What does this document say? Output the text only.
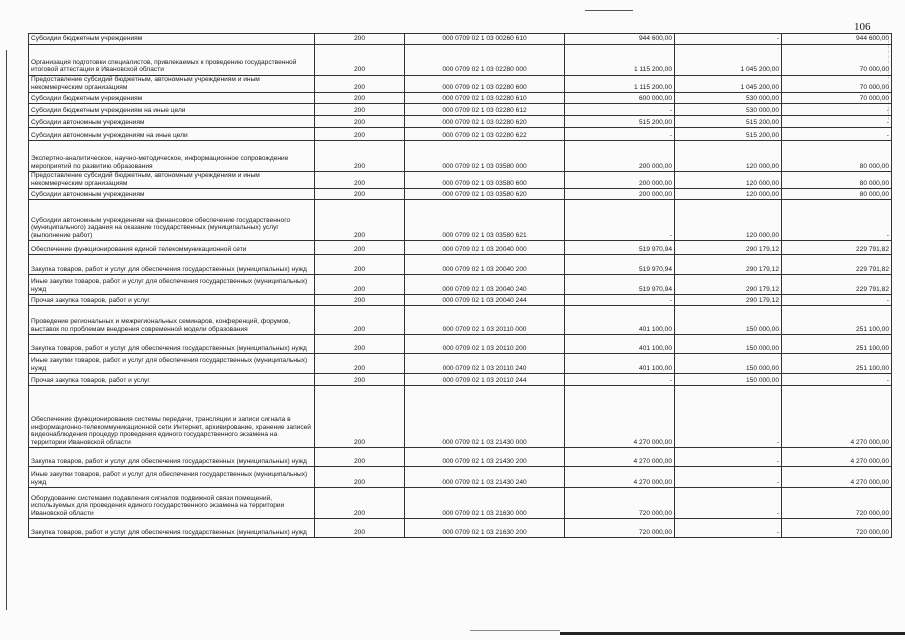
106
Субсидии бюджетным учреждениям	200	000 0709 02 1 03 00260 610	944 600,00	-	944 600,00
Организация подготовки специалистов, привлекаемых к проведению государственной итоговой аттестации в Ивановской области	200	000 0709 02 1 03 02280 000	1 115 200,00	1 045 200,00	70 000,00
Предоставление субсидий бюджетным, автономным учреждениям и иным некоммерческим организациям	200	000 0709 02 1 03 02280 600	1 115 200,00	1 045 200,00	70 000,00
Субсидии бюджетным учреждениям	200	000 0709 02 1 03 02280 610	600 000,00	530 000,00	70 000,00
Субсидии бюджетным учреждениям на иные цели	200	000 0709 02 1 03 02280 612	-	530 000,00	-
Субсидии автономным учреждениям	200	000 0709 02 1 03 02280 620	515 200,00	515 200,00	-
Субсидии автономным учреждениям на иные цели	200	000 0709 02 1 03 02280 622	-	515 200,00	-
Экспертно-аналитическое, научно-методическое, информационное сопровождение мероприятий по развитию образования	200	000 0709 02 1 03 03580 000	200 000,00	120 000,00	80 000,00
Предоставление субсидий бюджетным, автономным учреждениям и иным некоммерческим организациям	200	000 0709 02 1 03 03580 600	200 000,00	120 000,00	80 000,00
Субсидии автономным учреждениям	200	000 0709 02 1 03 03580 620	200 000,00	120 000,00	80 000,00
Субсидии автономным учреждениям на финансовое обеспечение государственного (муниципального) задания на оказание государственных (муниципальных) услуг (выполнение работ)	200	000 0709 02 1 03 03580 621	-	120 000,00	-
Обеспечение функционирования единой телекоммуникационной сети	200	000 0709 02 1 03 20040 000	519 970,94	290 179,12	229 791,82
Закупка товаров, работ и услуг для обеспечения государственных (муниципальных) нужд	200	000 0709 02 1 03 20040 200	519 970,94	290 179,12	229 791,82
Иные закупки товаров, работ и услуг для обеспечения государственных (муниципальных) нужд	200	000 0709 02 1 03 20040 240	519 970,94	290 179,12	229 791,82
Прочая закупка товаров, работ и услуг	200	000 0709 02 1 03 20040 244	-	290 179,12	-
Проведение региональных и межрегиональных семинаров, конференций, форумов, выставок по проблемам внедрения современной модели образования	200	000 0709 02 1 03 20110 000	401 100,00	150 000,00	251 100,00
Закупка товаров, работ и услуг для обеспечения государственных (муниципальных) нужд	200	000 0709 02 1 03 20110 200	401 100,00	150 000,00	251 100,00
Иные закупки товаров, работ и услуг для обеспечения государственных (муниципальных) нужд	200	000 0709 02 1 03 20110 240	401 100,00	150 000,00	251 100,00
Прочая закупка товаров, работ и услуг	200	000 0709 02 1 03 20110 244	-	150 000,00	-
Обеспечение функционирования системы передачи, трансляции и записи сигнала в информационно-телекоммуникационной сети Интернет, архивирование, хранение записей видеонаблюдения процедур проведения единого государственного экзамена на территории Ивановской области	200	000 0709 02 1 03 21430 000	4 270 000,00	-	4 270 000,00
Закупка товаров, работ и услуг для обеспечения государственных (муниципальных) нужд	200	000 0709 02 1 03 21430 200	4 270 000,00	-	4 270 000,00
Иные закупки товаров, работ и услуг для обеспечения государственных (муниципальных) нужд	200	000 0709 02 1 03 21430 240	4 270 000,00	-	4 270 000,00
Оборудование системами подавления сигналов подвижной связи помещений, используемых для проведения единого государственного экзамена на территории Ивановской области	200	000 0709 02 1 03 21630 000	720 000,00	-	720 000,00
Закупка товаров, работ и услуг для обеспечения государственных (муниципальных) нужд	200	000 0709 02 1 03 21630 200	720 000,00	-	720 000,00
